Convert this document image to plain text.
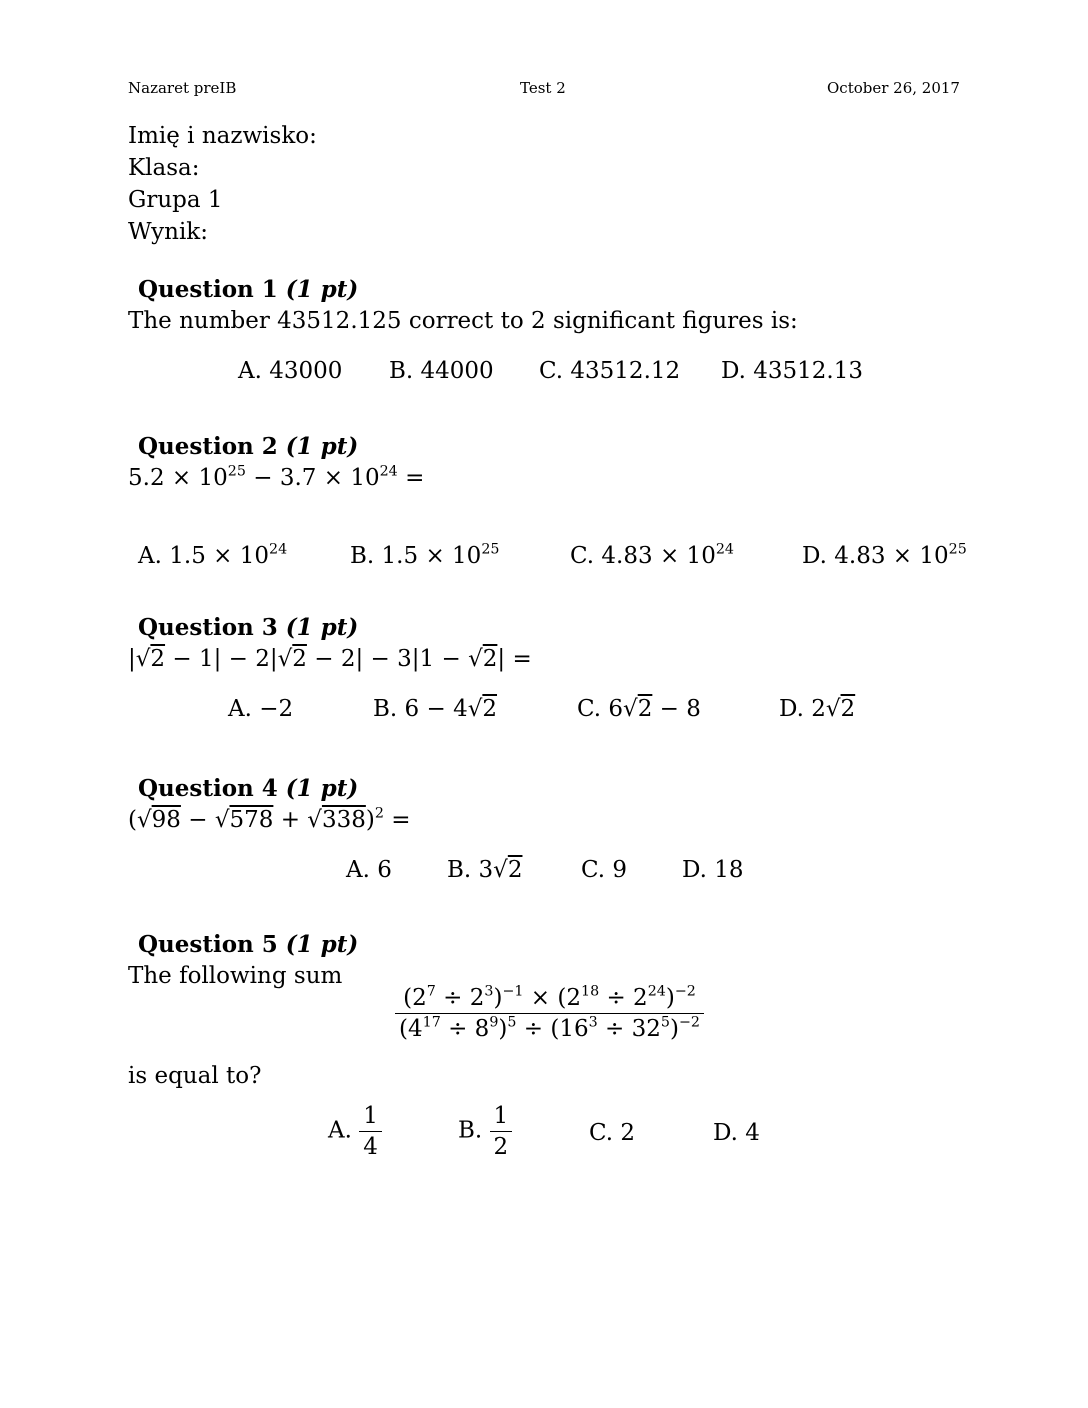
Nazaret preIB	Test 2	October 26, 2017
Imię i nazwisko:
Klasa:
Grupa 1
Wynik:
Question 1 (1 pt)
The number 43512.125 correct to 2 significant figures is:
A. 43000 B. 44000 C. 43512.12 D. 43512.13
Question 2 (1 pt)
$5.2 \times 10^{25} - 3.7 \times 10^{24}$ =
A. $1.5 \times 10^{24}$	B. $1.5 \times 10^{25}$	C. $4.83 \times 10^{24}$	D. $4.83 \times 10^{25}$
Question 3 (1 pt)
|√2 − 1| − 2|√2 − 2| − 3|1 − √2| =
A. −2	B. 6 − 4√2	C. 6√2 − 8	D. 2√2
Question 4 (1 pt)
$(√98 - √578 + √338)^2$ =
A. 6 B. 3√2	C. 9 D. 18
Question 5 (1 pt)
The following sum
$\frac{(2^7 \div 2^3)^{-1} \times (2^{18} \div 2^{24})^{-2}}{(4^{17} \div 8^9)^5 \div (16^3 \div 32^5)^{-2}}$
is equal to?
A. $\frac{1}{4}$	B. $\frac{1}{2}$	C. 2	D. 4
